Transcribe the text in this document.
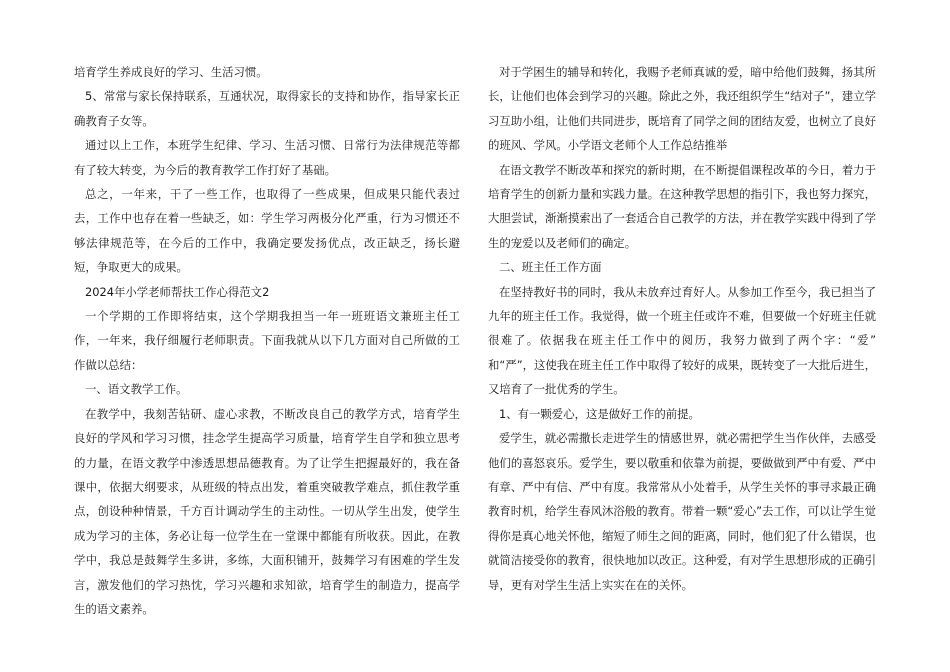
培育学生养成良好的学习、生活习惯。

5、常常与家长保持联系，互通状况，取得家长的支持和协作，指导家长正确教育子女等。

通过以上工作，本班学生纪律、学习、生活习惯、日常行为法律规范等都有了较大转变，为今后的教育教学工作打好了基础。

总之，一年来，干了一些工作，也取得了一些成果，但成果只能代表过去，工作中也存在着一些缺乏，如：学生学习两极分化严重，行为习惯还不够法律规范等，在今后的工作中，我确定要发扬优点，改正缺乏，扬长避短，争取更大的成果。

2024年小学老师帮扶工作心得范文2

一个学期的工作即将结束，这个学期我担当一年一班班语文兼班主任工作，一年来，我仔细履行老师职责。下面我就从以下几方面对自己所做的工作做以总结：

一、语文教学工作。

在教学中，我刻苦钻研、虚心求教，不断改良自己的教学方式，培育学生良好的学风和学习习惯，挂念学生提高学习质量，培育学生自学和独立思考的力量，在语文教学中渗透思想品德教育。为了让学生把握最好的，我在备课中，依据大纲要求，从班级的特点出发，着重突破教学难点，抓住教学重点，创设种种情景，千方百计调动学生的主动性。一切从学生出发，使学生成为学习的主体，务必让每一位学生在一堂课中都能有所收获。因此，在教学中，我总是鼓舞学生多讲，多练，大面积铺开，鼓舞学习有困难的学生发言，激发他们的学习热忱，学习兴趣和求知欲，培育学生的制造力，提高学生的语文素养。

对于学困生的辅导和转化，我赐予老师真诚的爱，暗中给他们鼓舞，扬其所长，让他们也体会到学习的兴趣。除此之外，我还组织学生“结对子”，建立学习互助小组，让他们共同进步，既培育了同学之间的团结友爱，也树立了良好的班风、学风。小学语文老师个人工作总结推举

在语文教学不断改革和探究的新时期，在不断提倡课程改革的今日，着力于培育学生的创新力量和实践力量。在这种教学思想的指引下，我也努力探究，大胆尝试，渐渐摸索出了一套适合自己教学的方法，并在教学实践中得到了学生的宠爱以及老师们的确定。

二、班主任工作方面

在坚持教好书的同时，我从未放弃过育好人。从参加工作至今，我已担当了九年的班主任工作。我觉得，做一个班主任或许不难，但要做一个好班主任就很难了。依据我在班主任工作中的阅历，我努力做到了两个字：“爱” 和“严”，这使我在班主任工作中取得了较好的成果，既转变了一大批后进生，又培育了一批优秀的学生。

1、有一颗爱心，这是做好工作的前提。

爱学生，就必需撒长走进学生的情感世界，就必需把学生当作伙伴，去感受他们的喜怒哀乐。爱学生，要以敬重和依靠为前提，要做做到严中有爱、严中有章、严中有信、严中有度。我常常从小处着手，从学生关怀的事寻求最正确教育时机，给学生春风沐浴般的教育。带着一颗“爱心”去工作，可以让学生觉得你是真心地关怀他，缩短了师生之间的距离，同时，他们犯了什么错误，也就简洁接受你的教育，很快地加以改正。这种爱，有对学生思想形成的正确引导，更有对学生生活上实实在在的关怀。
